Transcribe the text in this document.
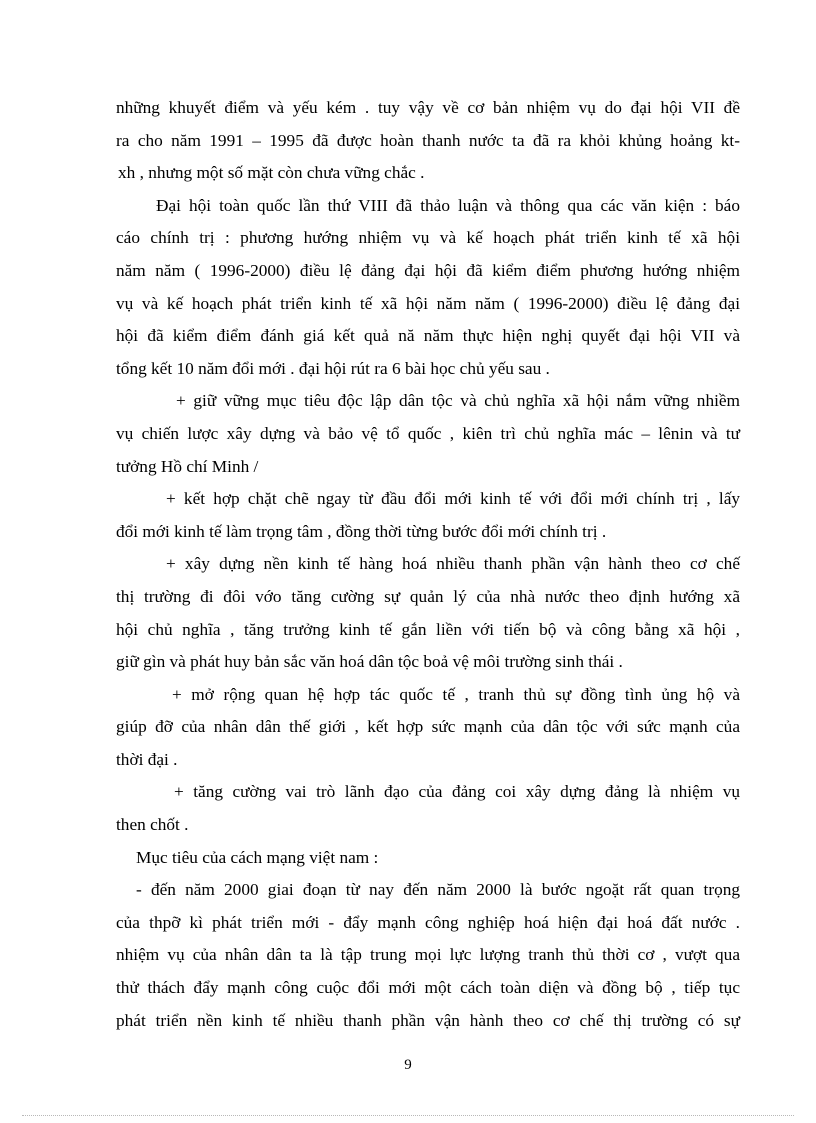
những khuyết điểm và yếu kém . tuy vậy về cơ bản nhiệm vụ do đại hội VII đề
ra cho năm 1991 – 1995 đã được hoàn thanh nước ta đã ra khỏi khủng hoảng kt-
xh , nhưng một số mặt còn chưa vững chắc .
Đại hội toàn quốc lần thứ VIII đã thảo luận và thông qua các văn kiện : báo
cáo chính trị : phương hướng nhiệm vụ và kế hoạch phát triển kinh tế xã hội
năm năm ( 1996-2000) điều lệ đảng đại hội đã kiểm điểm phương hướng nhiệm
vụ và kế hoạch phát triển kinh tế xã hội năm năm ( 1996-2000) điều lệ đảng đại
hội đã kiểm điểm đánh giá kết quả nă năm thực hiện nghị quyết đại hội VII và
tổng kết 10 năm đổi mới . đại hội rút ra 6 bài học chủ yếu sau .
+ giữ vững mục tiêu độc lập dân tộc và chủ nghĩa xã hội nắm vững nhiềm
vụ chiến lược xây dựng và bảo vệ tổ quốc , kiên trì chủ nghĩa mác – lênin và tư
tưởng Hồ chí Minh /
+ kết hợp chặt chẽ ngay từ đầu đổi mới kinh tế với đổi mới chính trị , lấy
đổi mới kinh tế làm trọng tâm , đồng thời từng bước đổi mới chính trị .
+ xây dựng nền kinh tế hàng hoá nhiều thanh phần vận hành theo cơ chế
thị trường đi đôi vớo tăng cường sự quản lý của nhà nước theo định hướng xã
hội chủ nghĩa , tăng trưởng kinh tế gắn liền với tiến bộ và công bằng xã hội ,
giữ gìn và phát huy bản sắc văn hoá dân tộc boả vệ môi trường sinh thái .
+ mở rộng quan hệ hợp tác quốc tế , tranh thủ sự đồng tình ủng hộ và
giúp đỡ của nhân dân thế giới , kết hợp sức mạnh của dân tộc với sức mạnh của
thời đại .
+ tăng cường vai trò lãnh đạo của đảng coi xây dựng đảng là nhiệm vụ
then chốt .
Mục tiêu của cách mạng việt nam :
- đến năm 2000 giai đoạn từ nay đến năm 2000 là bước ngoặt rất quan trọng
của thpỡ kì phát triển mới - đẩy mạnh công nghiệp hoá hiện đại hoá đất nước .
nhiệm vụ của nhân dân ta là tập trung mọi lực lượng tranh thủ thời cơ , vượt qua
thử thách đẩy mạnh công cuộc đổi mới một cách toàn diện và đồng bộ , tiếp tục
phát triển nền kinh tế nhiều thanh phần vận hành theo cơ chế thị trường có sự
9
